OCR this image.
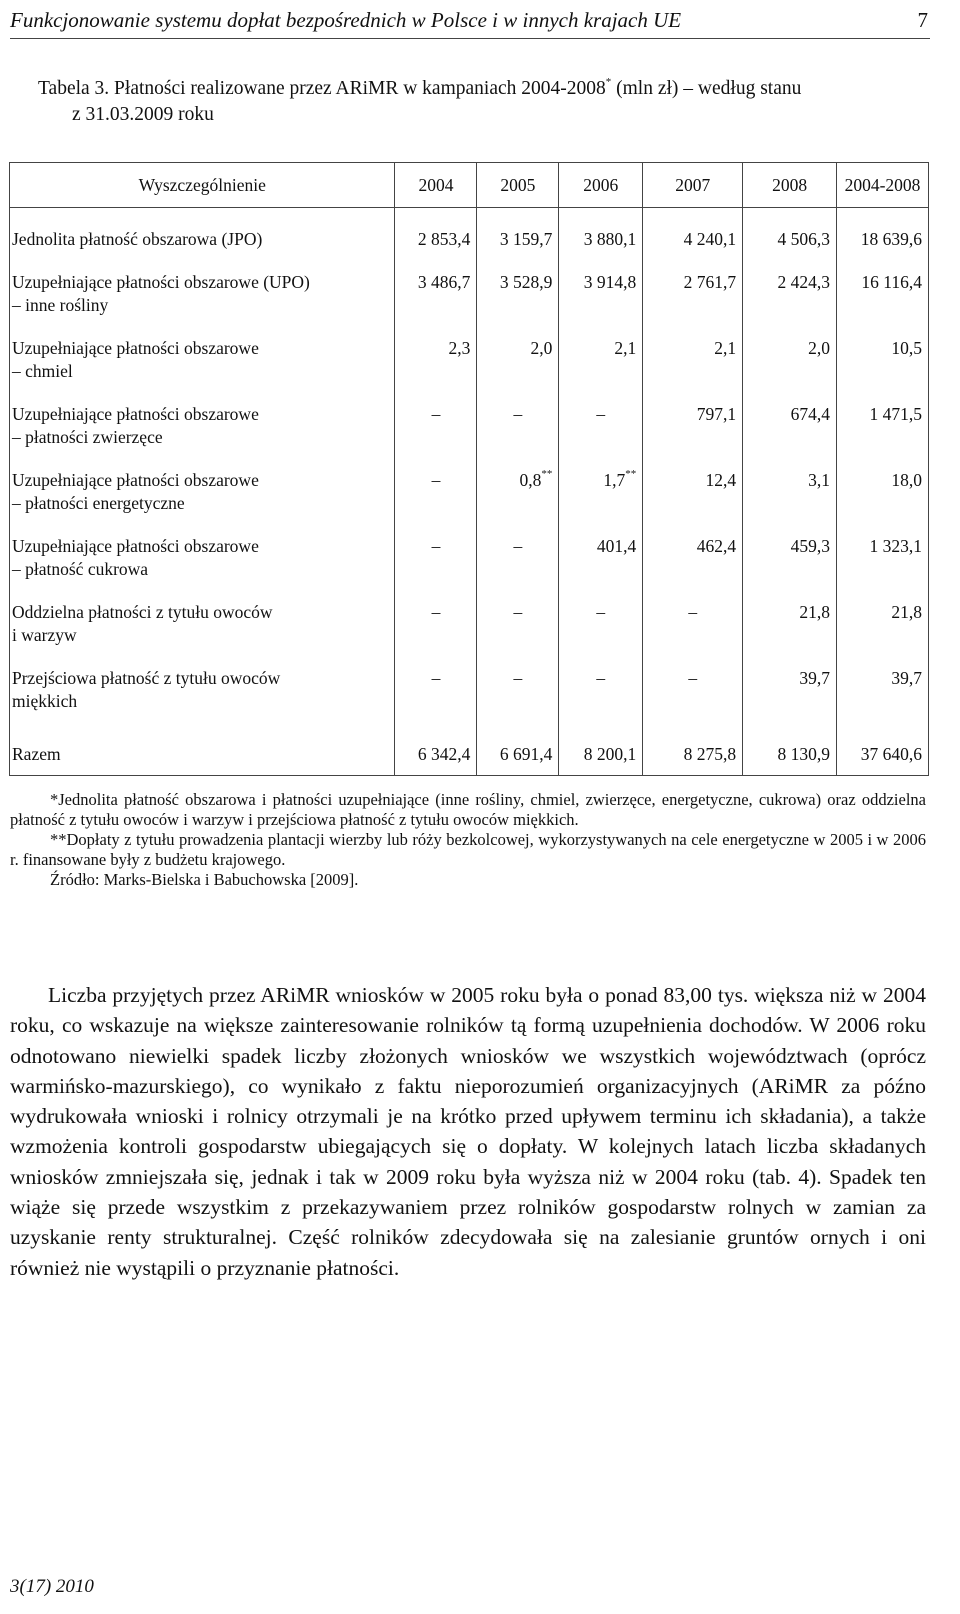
Funkcjonowanie systemu dopłat bezpośrednich w Polsce i w innych krajach UE	7
Tabela 3. Płatności realizowane przez ARiMR w kampaniach 2004-2008* (mln zł) – według stanu
z 31.03.2009 roku
Wyszczególnienie	2004	2005	2006	2007	2008	2004-2008

Jednolita płatność obszarowa (JPO)	2 853,4	3 159,7	3 880,1	4 240,1	4 506,3	18 639,6

Uzupełniające płatności obszarowe (UPO)
– inne rośliny	3 486,7	3 528,9	3 914,8	2 761,7	2 424,3	16 116,4

Uzupełniające płatności obszarowe
– chmiel	2,3	2,0	2,1	2,1	2,0	10,5

Uzupełniające płatności obszarowe
– płatności zwierzęce	–	–	–	797,1	674,4	1 471,5

Uzupełniające płatności obszarowe
– płatności energetyczne	–	0,8**	1,7**	12,4	3,1	18,0

Uzupełniające płatności obszarowe
– płatność cukrowa	–	–	401,4	462,4	459,3	1 323,1

Oddzielna płatności z tytułu owoców
i warzyw	–	–	–	–	21,8	21,8

Przejściowa płatność z tytułu owoców
miękkich	–	–	–	–	39,7	39,7

Razem	6 342,4	6 691,4	8 200,1	8 275,8	8 130,9	37 640,6

*Jednolita płatność obszarowa i płatności uzupełniające (inne rośliny, chmiel, zwierzęce, energetyczne, cukrowa) oraz oddzielna płatność z tytułu owoców i warzyw i przejściowa płatność z tytułu owoców miękkich.

**Dopłaty z tytułu prowadzenia plantacji wierzby lub róży bezkolcowej, wykorzystywanych na cele energetyczne w 2005 i w 2006 r. finansowane były z budżetu krajowego.

Źródło: Marks-Bielska i Babuchowska [2009].

Liczba przyjętych przez ARiMR wniosków w 2005 roku była o ponad 83,00 tys. większa niż w 2004 roku, co wskazuje na większe zainteresowanie rolników tą formą uzupełnienia dochodów. W 2006 roku odnotowano niewielki spadek liczby złożonych wniosków we wszystkich województwach (oprócz warmińsko-mazurskiego), co wynikało z faktu nieporozumień organizacyjnych (ARiMR za późno wydrukowała wnioski i rolnicy otrzymali je na krótko przed upływem terminu ich składania), a także wzmożenia kontroli gospodarstw ubiegających się o dopłaty. W kolejnych latach liczba składanych wniosków zmniejszała się, jednak i tak w 2009 roku była wyższa niż w 2004 roku (tab. 4). Spadek ten wiąże się przede wszystkim z przekazywaniem przez rolników gospodarstw rolnych w zamian za uzyskanie renty strukturalnej. Część rolników zdecydowała się na zalesianie gruntów ornych i oni również nie wystąpili o przyznanie płatności.

3(17) 2010
